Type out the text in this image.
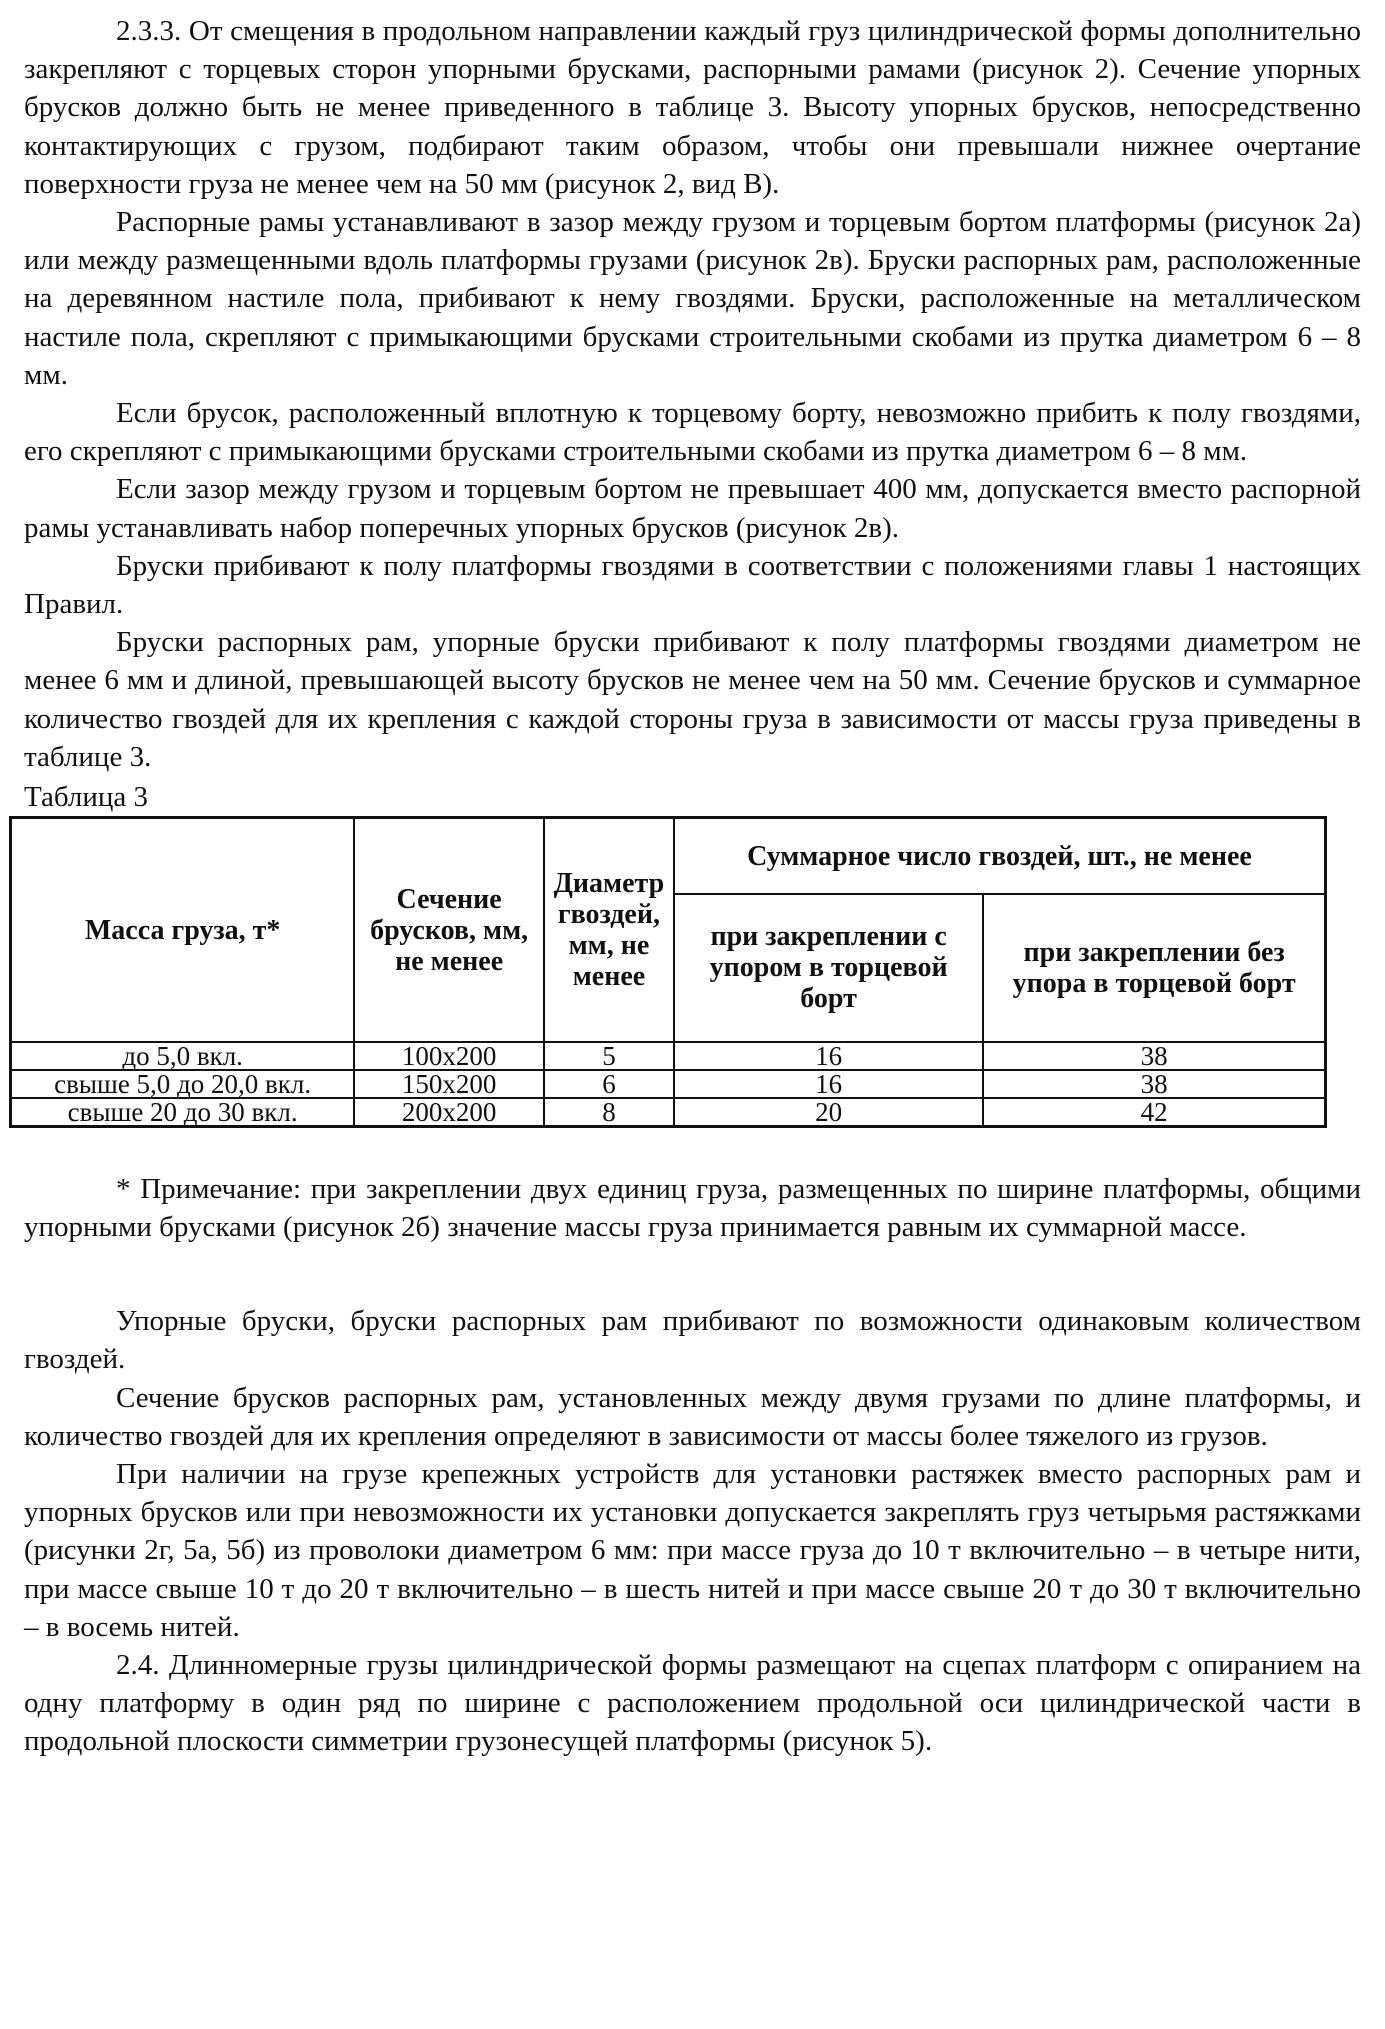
2.3.3. От смещения в продольном направлении каждый груз цилиндрической формы дополнительно закрепляют с торцевых сторон упорными брусками, распорными рамами (рисунок 2). Сечение упорных брусков должно быть не менее приведенного в таблице 3. Высоту упорных брусков, непосредственно контактирующих с грузом, подбирают таким образом, чтобы они превышали нижнее очертание поверхности груза не менее чем на 50 мм (рисунок 2, вид В).

Распорные рамы устанавливают в зазор между грузом и торцевым бортом платформы (рисунок 2а) или между размещенными вдоль платформы грузами (рисунок 2в). Бруски распорных рам, расположенные на деревянном настиле пола, прибивают к нему гвоздями. Бруски, расположенные на металлическом настиле пола, скрепляют с примыкающими брусками строительными скобами из прутка диаметром 6 – 8 мм.

Если брусок, расположенный вплотную к торцевому борту, невозможно прибить к полу гвоздями, его скрепляют с примыкающими брусками строительными скобами из прутка диаметром 6 – 8 мм.

Если зазор между грузом и торцевым бортом не превышает 400 мм, допускается вместо распорной рамы устанавливать набор поперечных упорных брусков (рисунок 2в).

Бруски прибивают к полу платформы гвоздями в соответствии с положениями главы 1 настоящих Правил.

Бруски распорных рам, упорные бруски прибивают к полу платформы гвоздями диаметром не менее 6 мм и длиной, превышающей высоту брусков не менее чем на 50 мм. Сечение брусков и суммарное количество гвоздей для их крепления с каждой стороны груза в зависимости от массы груза приведены в таблице 3.

Таблица 3

Масса груза, т*	Сечение брусков, мм, не менее	Диаметр гвоздей, мм, не менее	Суммарное число гвоздей, шт., не менее	
			при закреплении с упором в торцевой борт	при закреплении без упора в торцевой борт
до 5,0 вкл.	100х200	5	16	38
свыше 5,0 до 20,0 вкл.	150х200	6	16	38
свыше 20 до 30 вкл.	200х200	8	20	42

* Примечание: при закреплении двух единиц груза, размещенных по ширине платформы, общими упорными брусками (рисунок 2б) значение массы груза принимается равным их суммарной массе.

Упорные бруски, бруски распорных рам прибивают по возможности одинаковым количеством гвоздей.

Сечение брусков распорных рам, установленных между двумя грузами по длине платформы, и количество гвоздей для их крепления определяют в зависимости от массы более тяжелого из грузов.

При наличии на грузе крепежных устройств для установки растяжек вместо распорных рам и упорных брусков или при невозможности их установки допускается закреплять груз четырьмя растяжками (рисунки 2г, 5а, 5б) из проволоки диаметром 6 мм: при массе груза до 10 т включительно – в четыре нити, при массе свыше 10 т до 20 т включительно – в шесть нитей и при массе свыше 20 т до 30 т включительно – в восемь нитей.

2.4. Длинномерные грузы цилиндрической формы размещают на сцепах платформ с опиранием на одну платформу в один ряд по ширине с расположением продольной оси цилиндрической части в продольной плоскости симметрии грузонесущей платформы (рисунок 5).
